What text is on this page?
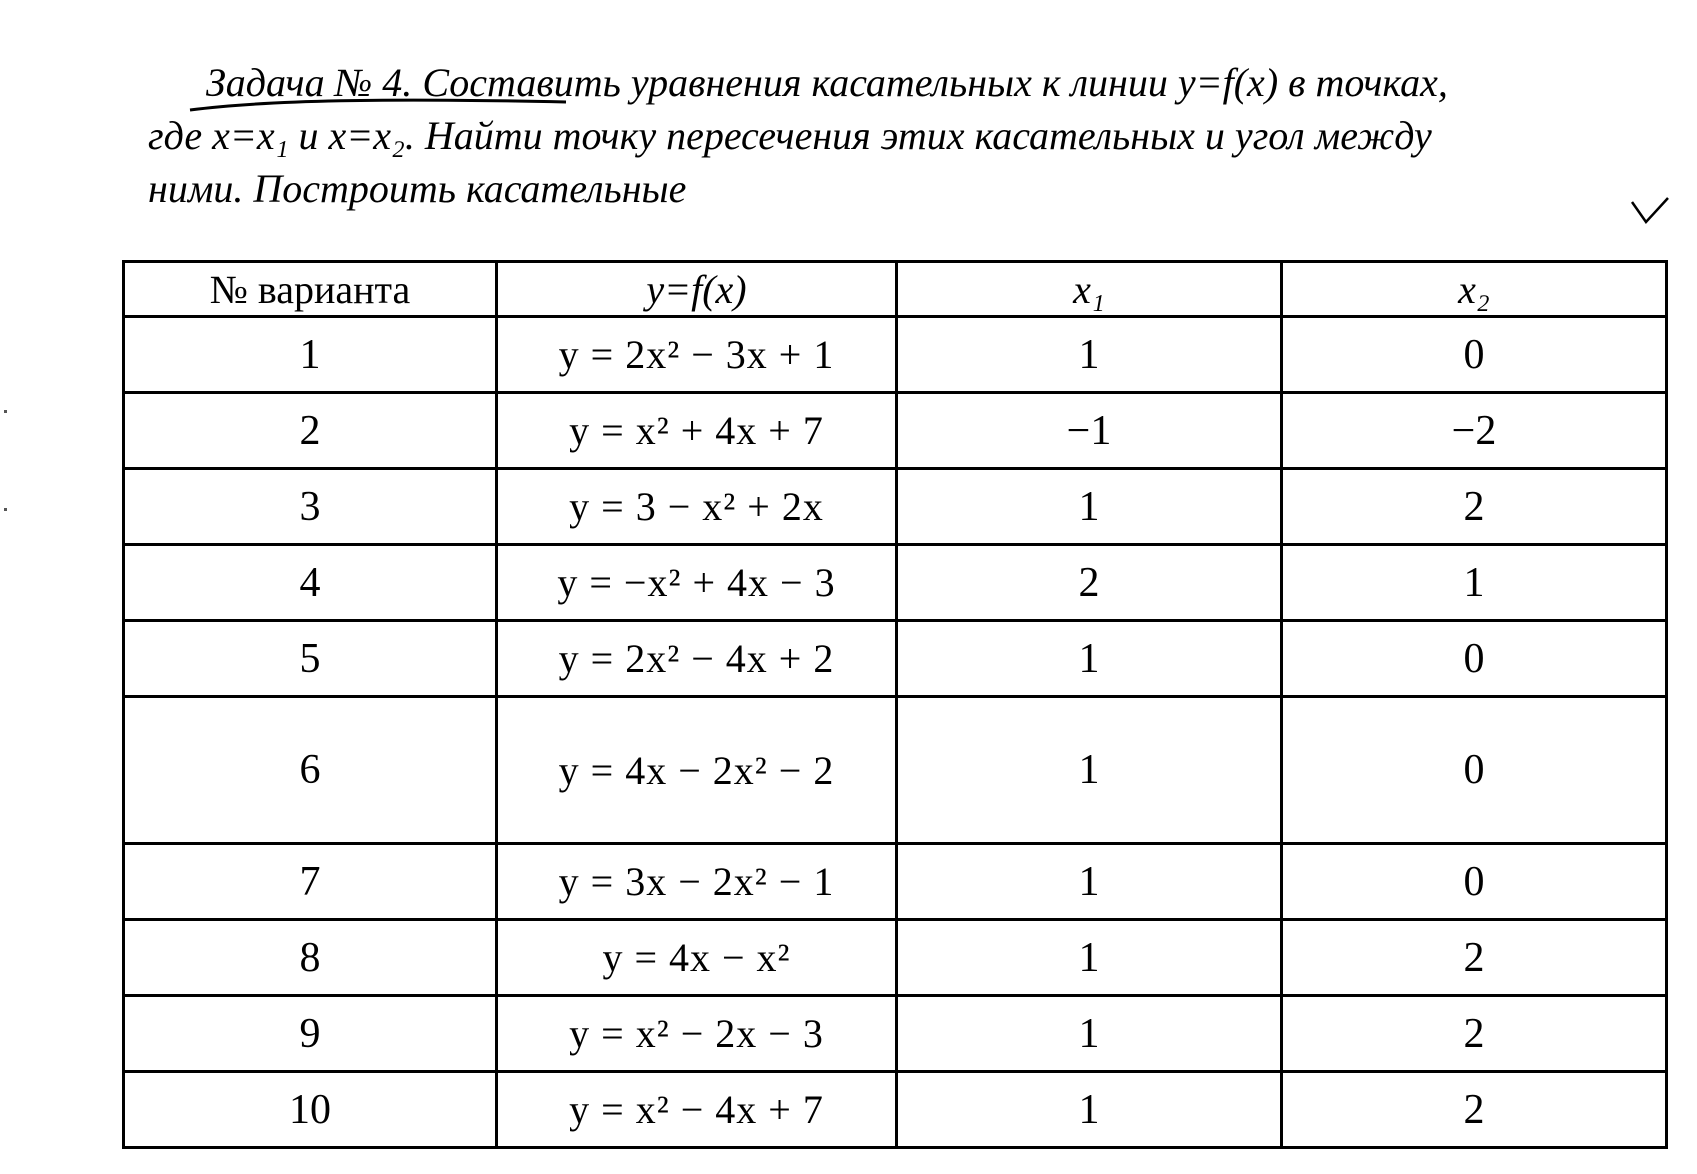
Задача № 4. Составить уравнения касательных к линии y=f(x) в точках,
где x=x₁ и x=x₂. Найти точку пересечения этих касательных и угол между
ними. Построить касательные
№ варианта	y=f(x)	x₁	x₂
1	y = 2x² − 3x + 1	1	0
2	y = x² + 4x + 7	−1	−2
3	y = 3 − x² + 2x	1	2
4	y = −x² + 4x − 3	2	1
5	y = 2x² − 4x + 2	1	0
6	y = 4x − 2x² − 2	1	0
7	y = 3x − 2x² − 1	1	0
8	y = 4x − x²	1	2
9	y = x² − 2x − 3	1	2
10	y = x² − 4x + 7	1	2
